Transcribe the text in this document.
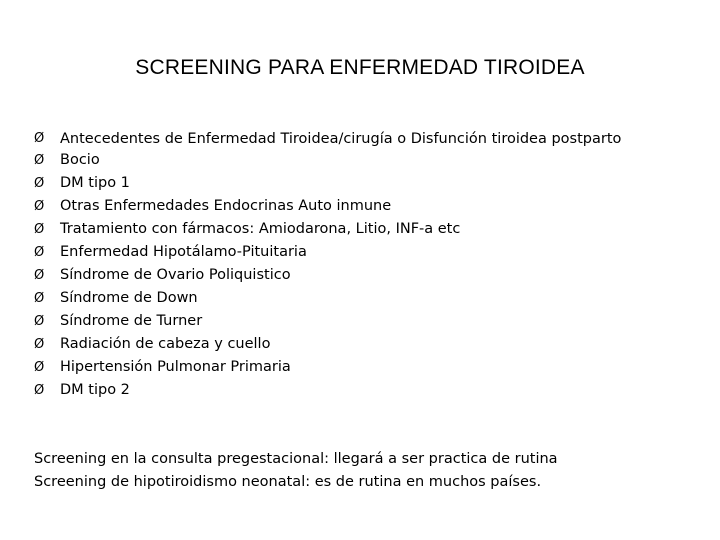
SCREENING PARA ENFERMEDAD TIROIDEA
Ø Antecedentes de Enfermedad Tiroidea/cirugía o Disfunción tiroidea postparto
Ø Bocio
Ø DM tipo 1
Ø Otras Enfermedades Endocrinas Auto inmune
Ø Tratamiento con fármacos: Amiodarona, Litio, INF-a etc
Ø Enfermedad Hipotálamo-Pituitaria
Ø Síndrome de Ovario Poliquistico
Ø Síndrome de Down
Ø Síndrome de Turner
Ø Radiación de cabeza y cuello
Ø Hipertensión Pulmonar Primaria
Ø DM tipo 2
Screening en la consulta pregestacional: llegará a ser practica de rutina
Screening de hipotiroidismo neonatal: es de rutina en muchos países.
